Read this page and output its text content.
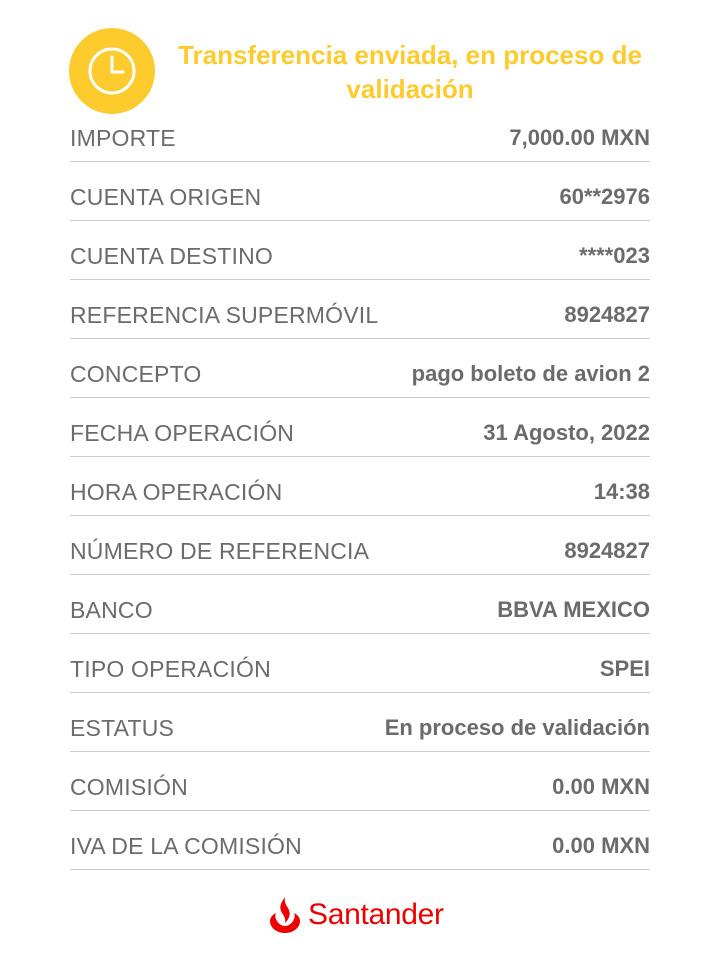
Transferencia enviada, en proceso de validación
IMPORTE	7,000.00 MXN
CUENTA ORIGEN	60**2976
CUENTA DESTINO	****023
REFERENCIA SUPERMÓVIL	8924827
CONCEPTO	pago boleto de avion 2
FECHA OPERACIÓN	31 Agosto, 2022
HORA OPERACIÓN	14:38
NÚMERO DE REFERENCIA	8924827
BANCO	BBVA MEXICO
TIPO OPERACIÓN	SPEI
ESTATUS	En proceso de validación
COMISIÓN	0.00 MXN
IVA DE LA COMISIÓN	0.00 MXN
Santander
